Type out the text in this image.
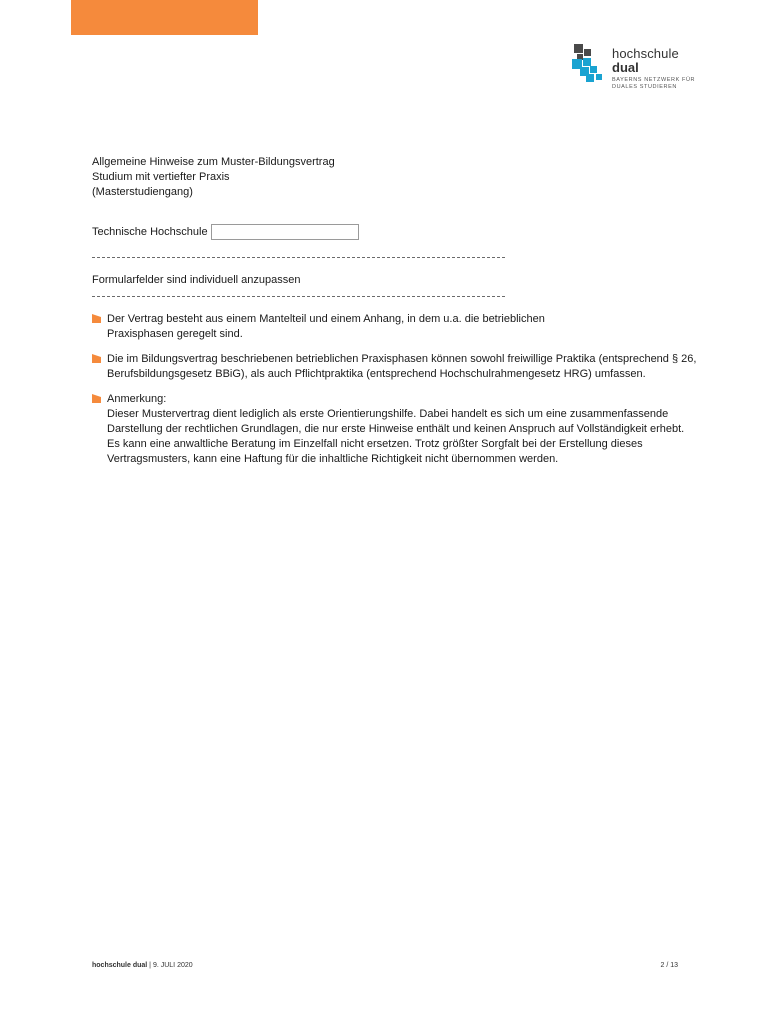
hochschule
dual
BAYERNS NETZWERK FÜR
DUALES STUDIEREN
Allgemeine Hinweise zum Muster-Bildungsvertrag
Studium mit vertiefter Praxis
(Masterstudiengang)
Technische Hochschule
Formularfelder sind individuell anzupassen
Der Vertrag besteht aus einem Mantelteil und einem Anhang, in dem u.a. die betrieblichen
Praxisphasen geregelt sind.
Die im Bildungsvertrag beschriebenen betrieblichen Praxisphasen können sowohl freiwillige Praktika (entsprechend § 26,
Berufsbildungsgesetz BBiG), als auch Pflichtpraktika (entsprechend Hochschulrahmengesetz HRG) umfassen.
Anmerkung:
Dieser Mustervertrag dient lediglich als erste Orientierungshilfe. Dabei handelt es sich um eine zusammenfassende
Darstellung der rechtlichen Grundlagen, die nur erste Hinweise enthält und keinen Anspruch auf Vollständigkeit erhebt.
Es kann eine anwaltliche Beratung im Einzelfall nicht ersetzen. Trotz größter Sorgfalt bei der Erstellung dieses
Vertragsmusters, kann eine Haftung für die inhaltliche Richtigkeit nicht übernommen werden.
hochschule dual | 9. JULI 2020	2 / 13
